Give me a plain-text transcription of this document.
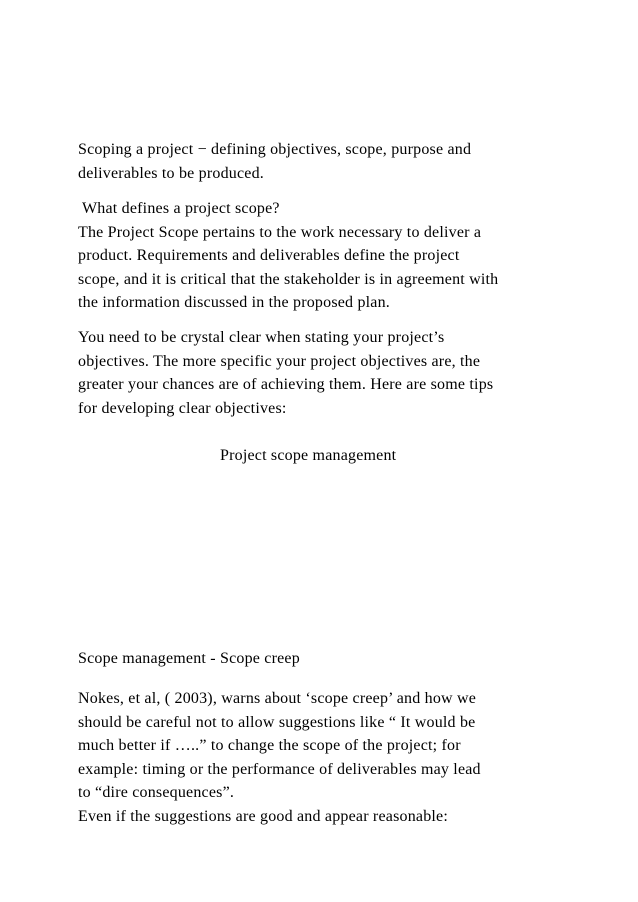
Scoping a project − defining objectives, scope, purpose and
deliverables to be produced.
What defines a project scope?
The Project Scope pertains to the work necessary to deliver a
product. Requirements and deliverables define the project
scope, and it is critical that the stakeholder is in agreement with
the information discussed in the proposed plan.
You need to be crystal clear when stating your project’s
objectives. The more specific your project objectives are, the
greater your chances are of achieving them. Here are some tips
for developing clear objectives:
Project scope management
Scope management - Scope creep
Nokes, et al, ( 2003), warns about ‘scope creep’ and how we
should be careful not to allow suggestions like “ It would be
much better if …..” to change the scope of the project; for
example: timing or the performance of deliverables may lead
to “dire consequences”.
Even if the suggestions are good and appear reasonable:
